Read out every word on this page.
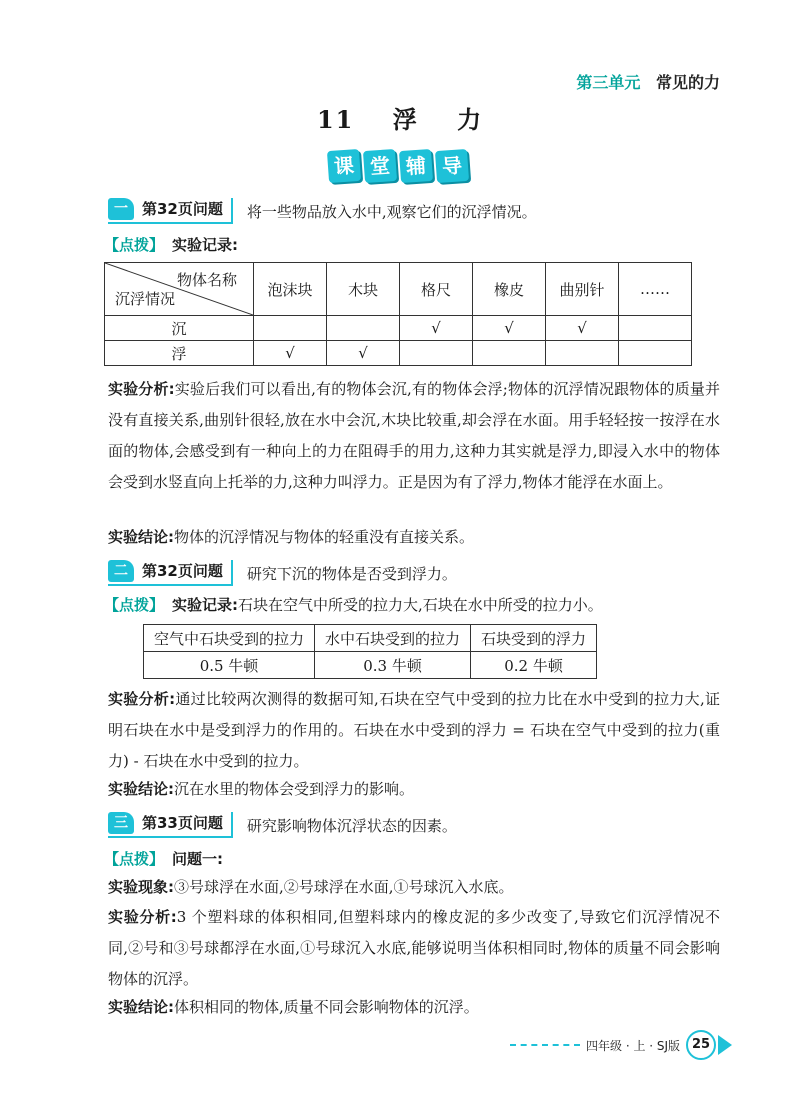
第三单元 常见的力
11 浮 力
课 堂 辅 导
一 第32页问题	将一些物品放入水中,观察它们的沉浮情况。
【点拨】 实验记录:
物体名称
沉浮情况	泡沫块	木块	格尺	橡皮	曲别针	……

沉			√	√	√	
浮	√	√				
实验分析:实验后我们可以看出,有的物体会沉,有的物体会浮;物体的沉浮情况跟物体的质量并没有直接关系,曲别针很轻,放在水中会沉,木块比较重,却会浮在水面。用手轻轻按一按浮在水面的物体,会感受到有一种向上的力在阻碍手的用力,这种力其实就是浮力,即浸入水中的物体会受到水竖直向上托举的力,这种力叫浮力。正是因为有了浮力,物体才能浮在水面上。
实验结论:物体的沉浮情况与物体的轻重没有直接关系。
二 第32页问题	研究下沉的物体是否受到浮力。
【点拨】 实验记录:石块在空气中所受的拉力大,石块在水中所受的拉力小。
空气中石块受到的拉力	水中石块受到的拉力	石块受到的浮力
0.5 牛顿	0.3 牛顿	0.2 牛顿
实验分析:通过比较两次测得的数据可知,石块在空气中受到的拉力比在水中受到的拉力大,证明石块在水中是受到浮力的作用的。石块在水中受到的浮力 = 石块在空气中受到的拉力(重力) - 石块在水中受到的拉力。
实验结论:沉在水里的物体会受到浮力的影响。
三 第33页问题	研究影响物体沉浮状态的因素。
【点拨】 问题一:
实验现象:③号球浮在水面,②号球浮在水面,①号球沉入水底。
实验分析:3 个塑料球的体积相同,但塑料球内的橡皮泥的多少改变了,导致它们沉浮情况不同,②号和③号球都浮在水面,①号球沉入水底,能够说明当体积相同时,物体的质量不同会影响物体的沉浮。
实验结论:体积相同的物体,质量不同会影响物体的沉浮。
四年级 · 上 · SJ版 25
